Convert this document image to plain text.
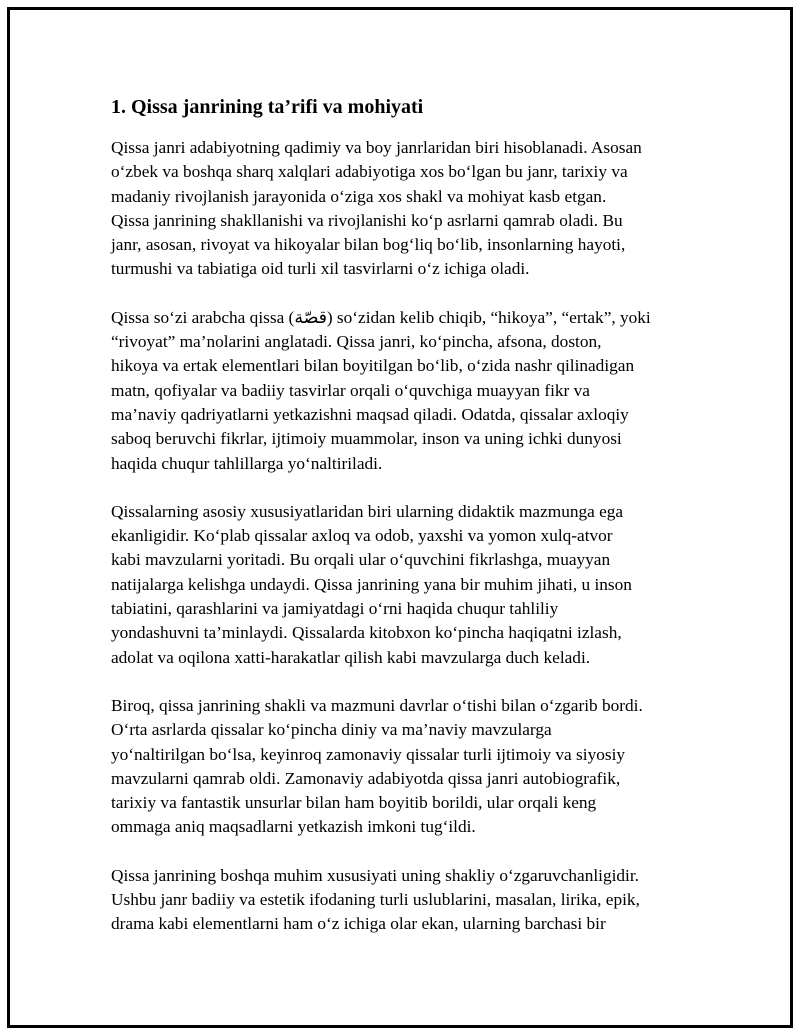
1. Qissa janrining ta’rifi va mohiyati
Qissa janri adabiyotning qadimiy va boy janrlaridan biri hisoblanadi. Asosan
o‘zbek va boshqa sharq xalqlari adabiyotiga xos bo‘lgan bu janr, tarixiy va
madaniy rivojlanish jarayonida o‘ziga xos shakl va mohiyat kasb etgan.
Qissa janrining shakllanishi va rivojlanishi ko‘p asrlarni qamrab oladi. Bu
janr, asosan, rivoyat va hikoyalar bilan bog‘liq bo‘lib, insonlarning hayoti,
turmushi va tabiatiga oid turli xil tasvirlarni o‘z ichiga oladi.
Qissa so‘zi arabcha qissa (قصّة) so‘zidan kelib chiqib, “hikoya”, “ertak”, yoki
“rivoyat” ma’nolarini anglatadi. Qissa janri, ko‘pincha, afsona, doston,
hikoya va ertak elementlari bilan boyitilgan bo‘lib, o‘zida nashr qilinadigan
matn, qofiyalar va badiiy tasvirlar orqali o‘quvchiga muayyan fikr va
ma’naviy qadriyatlarni yetkazishni maqsad qiladi. Odatda, qissalar axloqiy
saboq beruvchi fikrlar, ijtimoiy muammolar, inson va uning ichki dunyosi
haqida chuqur tahlillarga yo‘naltiriladi.
Qissalarning asosiy xususiyatlaridan biri ularning didaktik mazmunga ega
ekanligidir. Ko‘plab qissalar axloq va odob, yaxshi va yomon xulq-atvor
kabi mavzularni yoritadi. Bu orqali ular o‘quvchini fikrlashga, muayyan
natijalarga kelishga undaydi. Qissa janrining yana bir muhim jihati, u inson
tabiatini, qarashlarini va jamiyatdagi o‘rni haqida chuqur tahliliy
yondashuvni ta’minlaydi. Qissalarda kitobxon ko‘pincha haqiqatni izlash,
adolat va oqilona xatti-harakatlar qilish kabi mavzularga duch keladi.
Biroq, qissa janrining shakli va mazmuni davrlar o‘tishi bilan o‘zgarib bordi.
O‘rta asrlarda qissalar ko‘pincha diniy va ma’naviy mavzularga
yo‘naltirilgan bo‘lsa, keyinroq zamonaviy qissalar turli ijtimoiy va siyosiy
mavzularni qamrab oldi. Zamonaviy adabiyotda qissa janri autobiografik,
tarixiy va fantastik unsurlar bilan ham boyitib borildi, ular orqali keng
ommaga aniq maqsadlarni yetkazish imkoni tug‘ildi.
Qissa janrining boshqa muhim xususiyati uning shakliy o‘zgaruvchanligidir.
Ushbu janr badiiy va estetik ifodaning turli uslublarini, masalan, lirika, epik,
drama kabi elementlarni ham o‘z ichiga olar ekan, ularning barchasi bir
